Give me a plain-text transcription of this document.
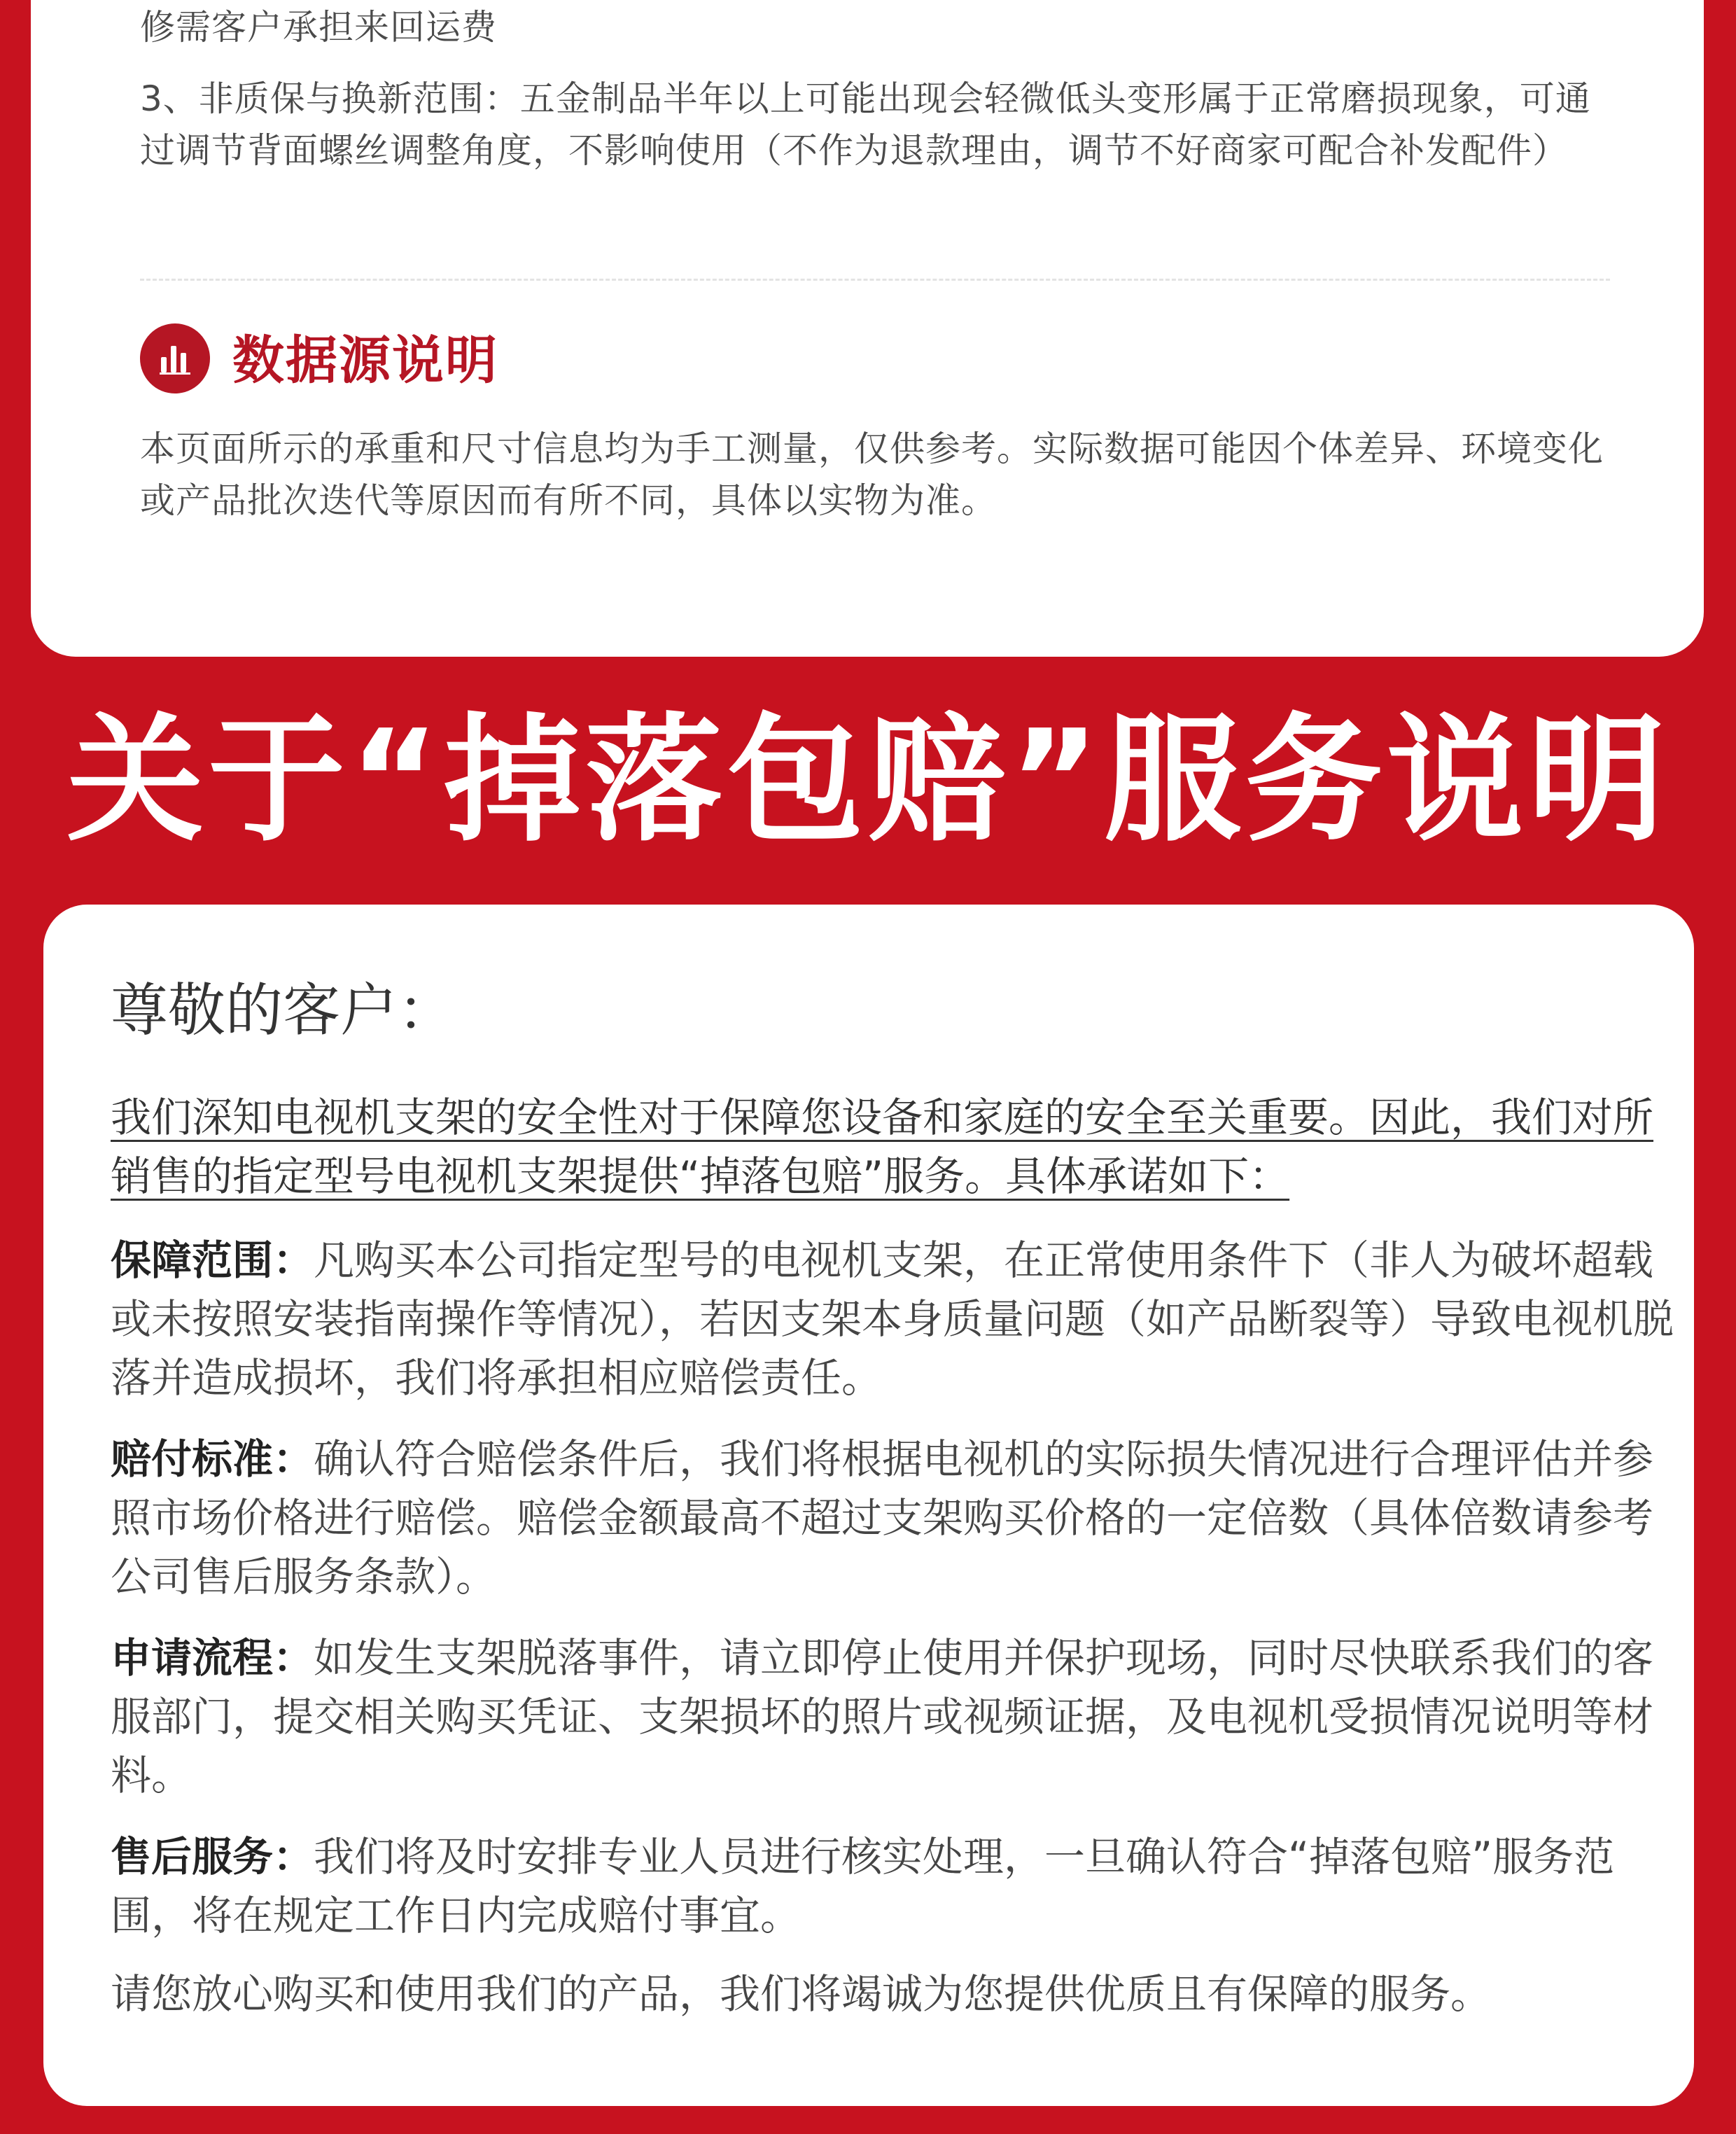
修需客户承担来回运费

3、非质保与换新范围：五金制品半年以上可能出现会轻微低头变形属于正常磨损现象，可通过调节背面螺丝调整角度，不影响使用（不作为退款理由，调节不好商家可配合补发配件）

数据源说明

本页面所示的承重和尺寸信息均为手工测量，仅供参考。实际数据可能因个体差异、环境变化或产品批次迭代等原因而有所不同，具体以实物为准。

关于“掉落包赔”服务说明
尊敬的客户：

我们深知电视机支架的安全性对于保障您设备和家庭的安全至关重要。因此，我们对所销售的指定型号电视机支架提供“掉落包赔”服务。具体承诺如下：

保障范围：凡购买本公司指定型号的电视机支架，在正常使用条件下（非人为破坏超载或未按照安装指南操作等情况），若因支架本身质量问题（如产品断裂等）导致电视机脱落并造成损坏，我们将承担相应赔偿责任。

赔付标准：确认符合赔偿条件后，我们将根据电视机的实际损失情况进行合理评估并参照市场价格进行赔偿。赔偿金额最高不超过支架购买价格的一定倍数（具体倍数请参考公司售后服务条款）。

申请流程：如发生支架脱落事件，请立即停止使用并保护现场，同时尽快联系我们的客服部门，提交相关购买凭证、支架损坏的照片或视频证据，及电视机受损情况说明等材料。

售后服务：我们将及时安排专业人员进行核实处理，一旦确认符合“掉落包赔”服务范围，将在规定工作日内完成赔付事宜。

请您放心购买和使用我们的产品，我们将竭诚为您提供优质且有保障的服务。
